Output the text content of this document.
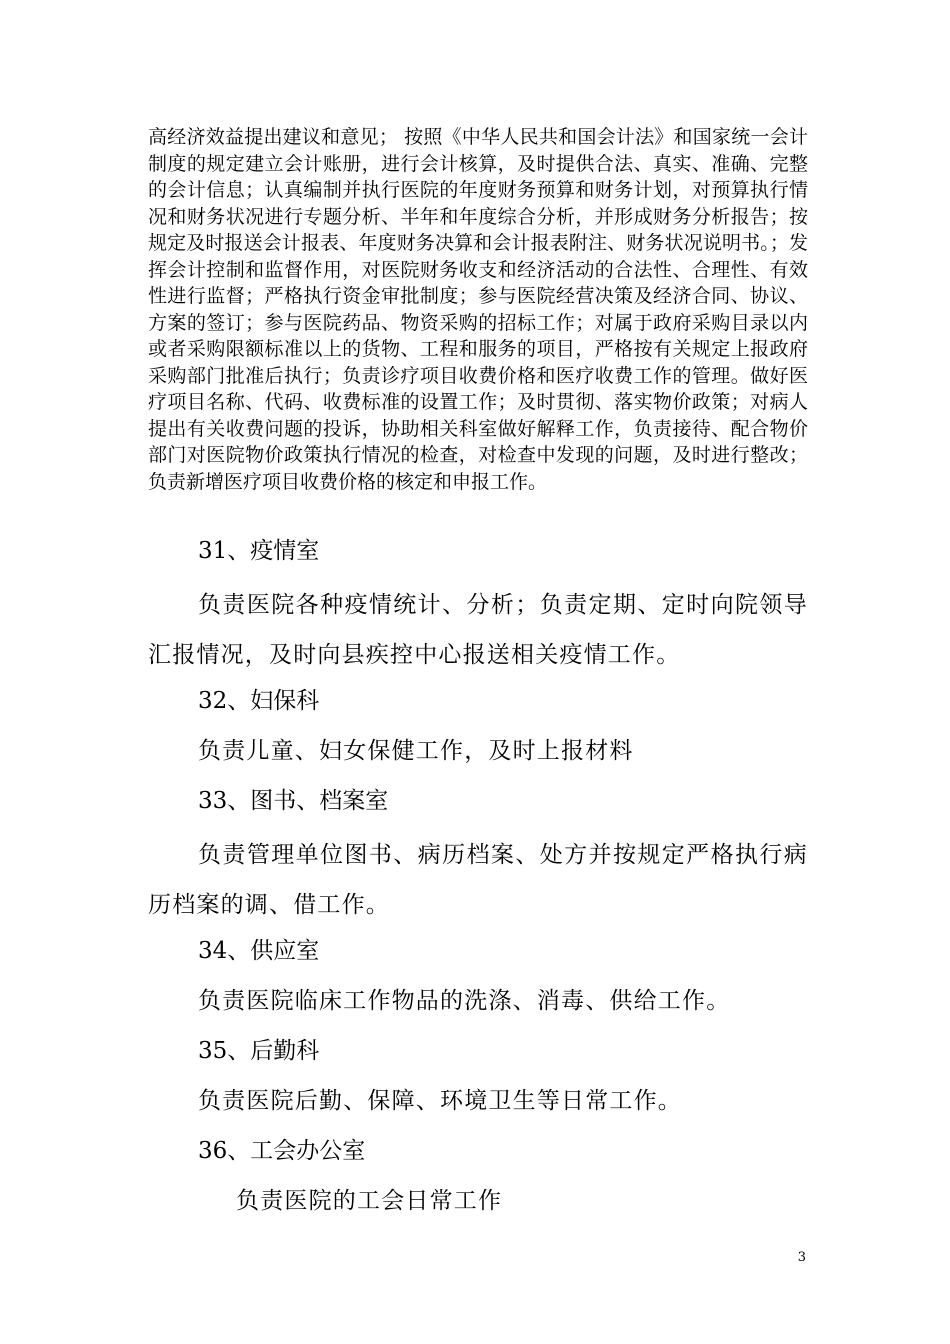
高经济效益提出建议和意见； 按照《中华人民共和国会计法》和国家统一会计制度的规定建立会计账册，进行会计核算，及时提供合法、真实、准确、完整的会计信息；认真编制并执行医院的年度财务预算和财务计划，对预算执行情况和财务状况进行专题分析、半年和年度综合分析，并形成财务分析报告；按规定及时报送会计报表、年度财务决算和会计报表附注、财务状况说明书。；发挥会计控制和监督作用，对医院财务收支和经济活动的合法性、合理性、有效性进行监督；严格执行资金审批制度；参与医院经营决策及经济合同、协议、方案的签订；参与医院药品、物资采购的招标工作；对属于政府采购目录以内或者采购限额标准以上的货物、工程和服务的项目，严格按有关规定上报政府采购部门批准后执行；负责诊疗项目收费价格和医疗收费工作的管理。做好医疗项目名称、代码、收费标准的设置工作；及时贯彻、落实物价政策；对病人提出有关收费问题的投诉，协助相关科室做好解释工作，负责接待、配合物价部门对医院物价政策执行情况的检查，对检查中发现的问题，及时进行整改；负责新增医疗项目收费价格的核定和申报工作。

31、疫情室

负责医院各种疫情统计、分析；负责定期、定时向院领导汇报情况，及时向县疾控中心报送相关疫情工作。

32、妇保科

负责儿童、妇女保健工作，及时上报材料

33、图书、档案室

负责管理单位图书、病历档案、处方并按规定严格执行病历档案的调、借工作。

34、供应室

负责医院临床工作物品的洗涤、消毒、供给工作。

35、后勤科

负责医院后勤、保障、环境卫生等日常工作。

36、工会办公室

负责医院的工会日常工作

3
